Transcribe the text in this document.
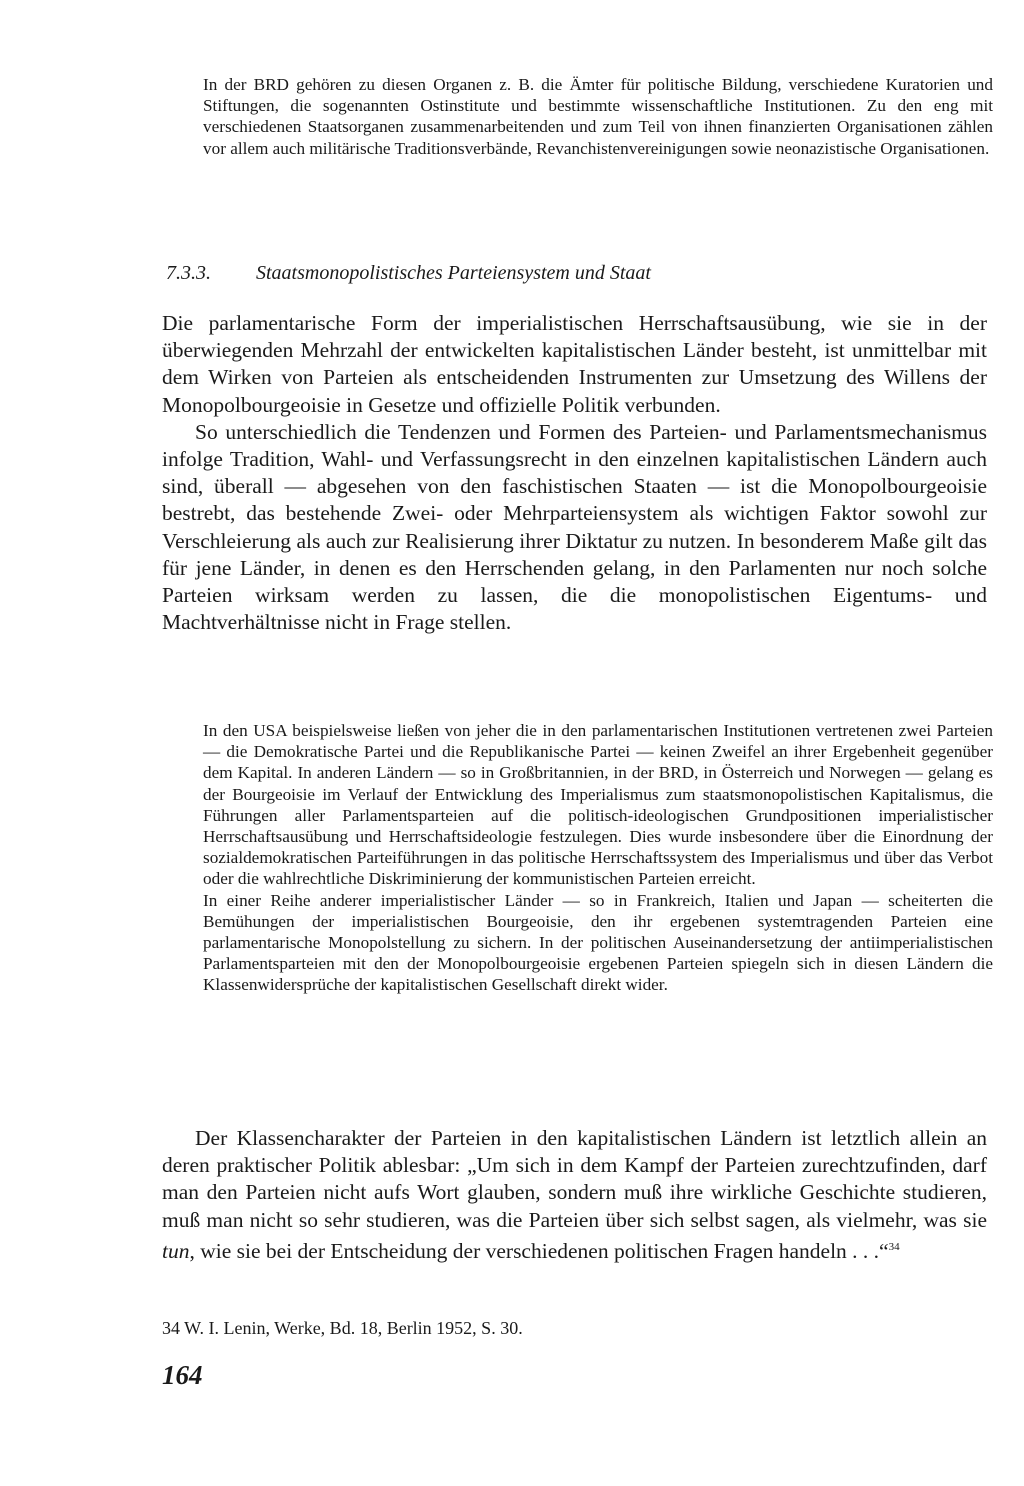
In der BRD gehören zu diesen Organen z. B. die Ämter für politische Bildung, verschiedene Kuratorien und Stiftungen, die sogenannten Ostinstitute und bestimmte wissenschaftliche Institutionen. Zu den eng mit verschiedenen Staatsorganen zusammenarbeitenden und zum Teil von ihnen finanzierten Organisationen zählen vor allem auch militärische Traditionsverbände, Revanchistenvereinigungen sowie neonazistische Organisationen.

7.3.3. Staatsmonopolistisches Parteiensystem und Staat

Die parlamentarische Form der imperialistischen Herrschaftsausübung, wie sie in der überwiegenden Mehrzahl der entwickelten kapitalistischen Länder besteht, ist unmittelbar mit dem Wirken von Parteien als entscheidenden Instrumenten zur Umsetzung des Willens der Monopolbourgeoisie in Gesetze und offizielle Politik verbunden.

So unterschiedlich die Tendenzen und Formen des Parteien- und Parlamentsmechanismus infolge Tradition, Wahl- und Verfassungsrecht in den einzelnen kapitalistischen Ländern auch sind, überall — abgesehen von den faschistischen Staaten — ist die Monopolbourgeoisie bestrebt, das bestehende Zwei- oder Mehrparteiensystem als wichtigen Faktor sowohl zur Verschleierung als auch zur Realisierung ihrer Diktatur zu nutzen. In besonderem Maße gilt das für jene Länder, in denen es den Herrschenden gelang, in den Parlamenten nur noch solche Parteien wirksam werden zu lassen, die die monopolistischen Eigentums- und Machtverhältnisse nicht in Frage stellen.

In den USA beispielsweise ließen von jeher die in den parlamentarischen Institutionen vertretenen zwei Parteien — die Demokratische Partei und die Republikanische Partei — keinen Zweifel an ihrer Ergebenheit gegenüber dem Kapital. In anderen Ländern — so in Großbritannien, in der BRD, in Österreich und Norwegen — gelang es der Bourgeoisie im Verlauf der Entwicklung des Imperialismus zum staatsmonopolistischen Kapitalismus, die Führungen aller Parlamentsparteien auf die politisch-ideologischen Grundpositionen imperialistischer Herrschaftsausübung und Herrschaftsideologie festzulegen. Dies wurde insbesondere über die Einordnung der sozialdemokratischen Parteiführungen in das politische Herrschaftssystem des Imperialismus und über das Verbot oder die wahlrechtliche Diskriminierung der kommunistischen Parteien erreicht.

In einer Reihe anderer imperialistischer Länder — so in Frankreich, Italien und Japan — scheiterten die Bemühungen der imperialistischen Bourgeoisie, den ihr ergebenen systemtragenden Parteien eine parlamentarische Monopolstellung zu sichern. In der politischen Auseinandersetzung der antiimperialistischen Parlamentsparteien mit den der Monopolbourgeoisie ergebenen Parteien spiegeln sich in diesen Ländern die Klassenwidersprüche der kapitalistischen Gesellschaft direkt wider.

Der Klassencharakter der Parteien in den kapitalistischen Ländern ist letztlich allein an deren praktischer Politik ablesbar: „Um sich in dem Kampf der Parteien zurechtzufinden, darf man den Parteien nicht aufs Wort glauben, sondern muß ihre wirkliche Geschichte studieren, muß man nicht so sehr studieren, was die Parteien über sich selbst sagen, als vielmehr, was sie tun, wie sie bei der Entscheidung der verschiedenen politischen Fragen handeln . . .“$^{34}$

34 W. I. Lenin, Werke, Bd. 18, Berlin 1952, S. 30.
164
